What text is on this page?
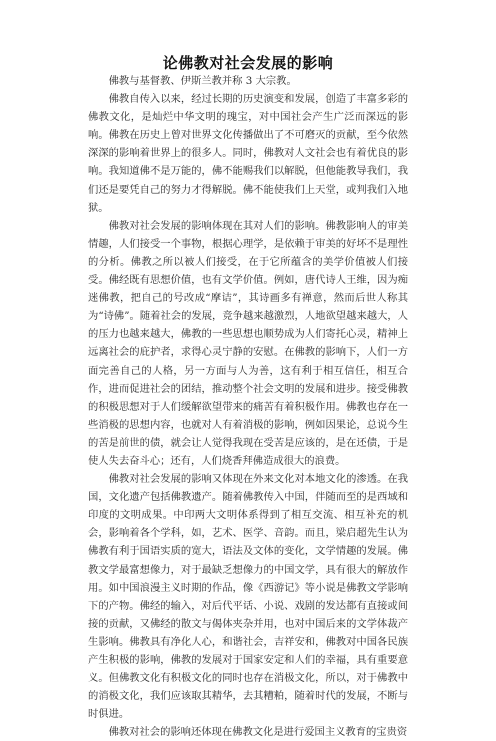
论佛教对社会发展的影响

佛教与基督教、伊斯兰教并称 3 大宗教。

佛教自传入以来，经过长期的历史演变和发展，创造了丰富多彩的佛教文化，是灿烂中华文明的瑰宝，对中国社会产生广泛而深远的影响。佛教在历史上曾对世界文化传播做出了不可磨灭的贡献，至今依然深深的影响着世界上的很多人。同时，佛教对人文社会也有着优良的影响。我知道佛不是万能的，佛不能赐我们以解脱，但他能教导我们，我们还是要凭自己的努力才得解脱。佛不能使我们上天堂，或判我们入地狱。

佛教对社会发展的影响体现在其对人们的影响。佛教影响人的审美情趣，人们接受一个事物，根据心理学，是依赖于审美的好坏不是理性的分析。佛教之所以被人们接受，在于它所蕴含的美学价值被人们接受。佛经既有思想价值，也有文学价值。例如，唐代诗人王维，因为痴迷佛教，把自己的号改成“摩诘”，其诗画多有禅意，然而后世人称其为“诗佛”。随着社会的发展，竞争越来越激烈，人地欲望越来越大，人的压力也越来越大，佛教的一些思想也顺势成为人们寄托心灵，精神上远离社会的庇护者，求得心灵宁静的安慰。在佛教的影响下，人们一方面完善自己的人格，另一方面与人为善，这有利于相互信任，相互合作，进而促进社会的团结，推动整个社会文明的发展和进步。接受佛教的积极思想对于人们缓解欲望带来的痛苦有着积极作用。佛教也存在一些消极的思想内容，也就对人有着消极的影响，例如因果论，总说今生的苦是前世的债，就会让人觉得我现在受苦是应该的，是在还债，于是使人失去奋斗心；还有，人们烧香拜佛造成很大的浪费。

佛教对社会发展的影响又体现在外来文化对本地文化的渗透。在我国，文化遗产包括佛教遗产。随着佛教传入中国，伴随而至的是西域和印度的文明成果。中印两大文明体系得到了相互交流、相互补充的机会，影响着各个学科，如，艺术、医学、音韵。而且，梁启超先生认为佛教有利于国语实质的宽大，语法及文体的变化，文学情趣的发展。佛教文学最富想像力，对于最缺乏想像力的中国文学，具有很大的解放作用。如中国浪漫主义时期的作品，像《西游记》等小说是佛教文学影响下的产物。佛经的输入，对后代平话、小说、戏剧的发达都有直接或间接的贡献，又佛经的散文与偈体夹杂并用，也对中国后来的文学体裁产生影响。佛教具有净化人心，和谐社会，吉祥安和，佛教对中国各民族产生积极的影响，佛教的发展对于国家安定和人们的幸福，具有重要意义。但佛教文化有积极文化的同时也存在消极文化，所以，对于佛教中的消极文化，我们应该取其精华，去其糟粕，随着时代的发展，不断与时俱进。

佛教对社会的影响还体现在佛教文化是进行爱国主义教育的宝贵资
